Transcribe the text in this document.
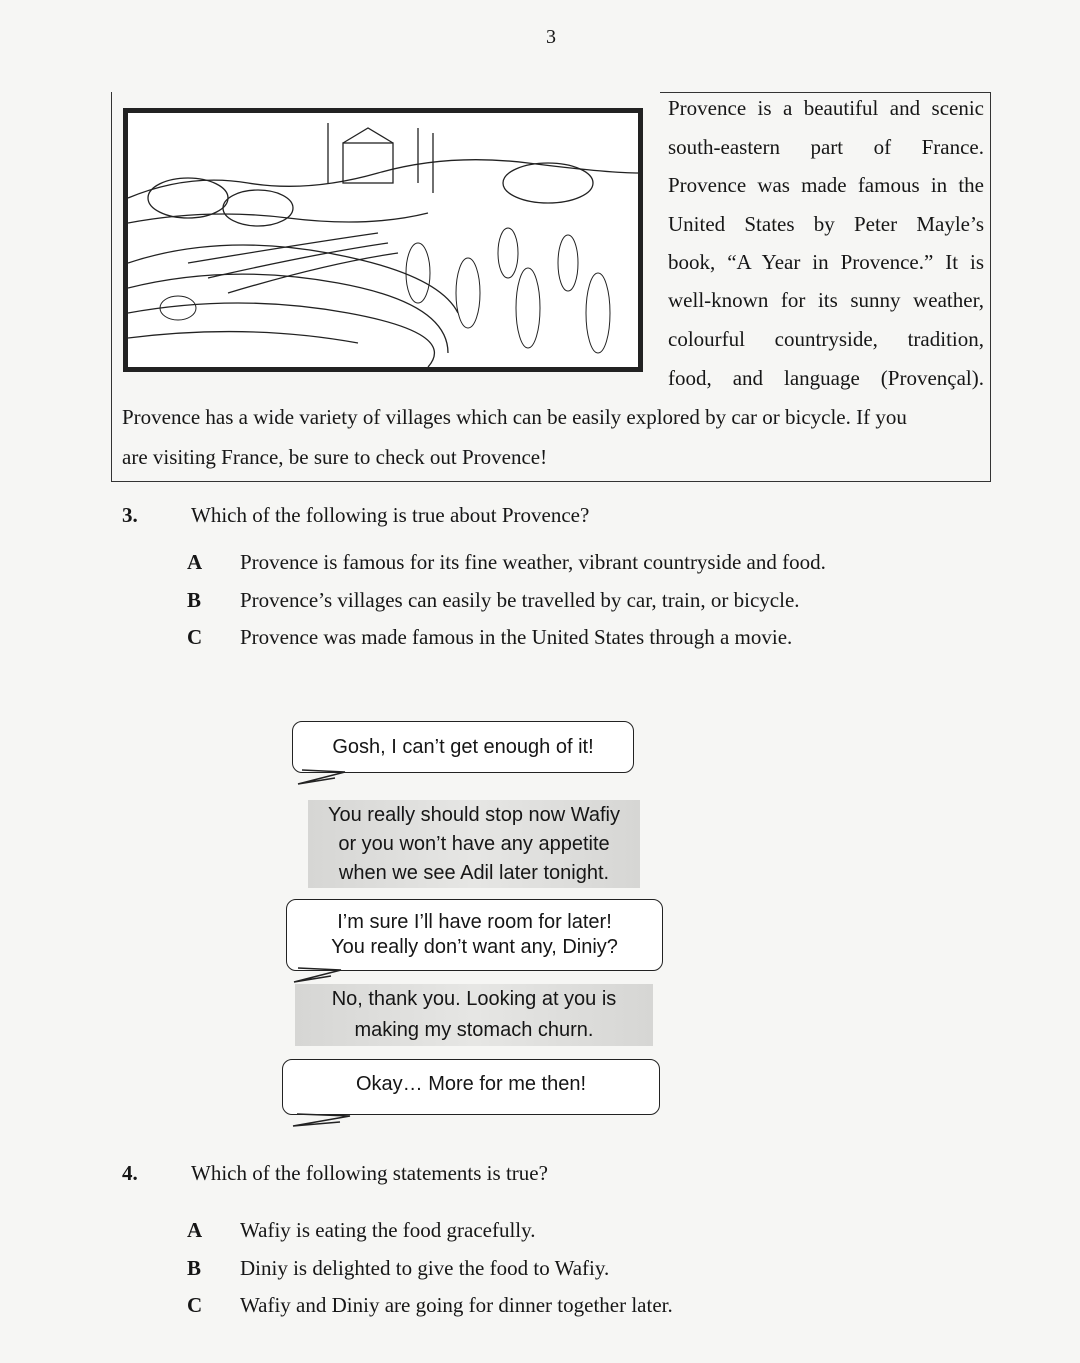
3
Provence is a beautiful and scenic
south-eastern part of France.
Provence was made famous in the
United States by Peter Mayle’s
book, “A Year in Provence.” It is
well-known for its sunny weather,
colourful countryside, tradition,
food, and language (Provençal).
Provence has a wide variety of villages which can be easily explored by car or bicycle. If you
are visiting France, be sure to check out Provence!
3.	Which of the following is true about Provence?
A Provence is famous for its fine weather, vibrant countryside and food.
B Provence’s villages can easily be travelled by car, train, or bicycle.
C Provence was made famous in the United States through a movie.
Gosh, I can’t get enough of it!
You really should stop now Wafiy
or you won’t have any appetite
when we see Adil later tonight.
I’m sure I’ll have room for later!
You really don’t want any, Diniy?
No, thank you. Looking at you is
making my stomach churn.
Okay… More for me then!
4.	Which of the following statements is true?
A Wafiy is eating the food gracefully.
B Diniy is delighted to give the food to Wafiy.
C Wafiy and Diniy are going for dinner together later.
